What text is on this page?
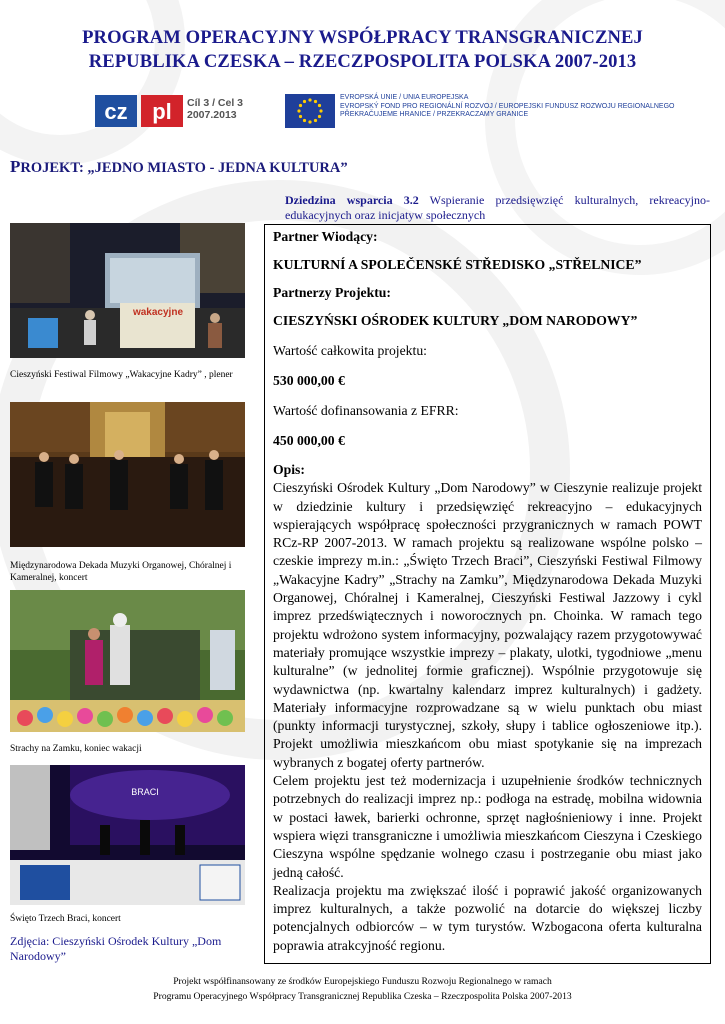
PROGRAM OPERACYJNY WSPÓŁPRACY TRANSGRANICZNEJ
REPUBLIKA CZESKA – RZECZPOSPOLITA POLSKA 2007-2013
cz pl Cíl 3 / Cel 3
2007.2013
EVROPSKÁ UNIE / UNIA EUROPEJSKA
EVROPSKÝ FOND PRO REGIONÁLNÍ ROZVOJ / EUROPEJSKI FUNDUSZ ROZWOJU REGIONALNEGO
PŘEKRAČUJEME HRANICE / PRZEKRACZAMY GRANICE
PROJEKT: „JEDNO MIASTO - JEDNA KULTURA”
Dziedzina wsparcia 3.2 Wspieranie przedsięwzięć kulturalnych, rekreacyjno-edukacyjnych oraz inicjatyw społecznych
wakacyjne
Cieszyński Festiwal Filmowy „Wakacyjne Kadry” , plener
Międzynarodowa Dekada Muzyki Organowej, Chóralnej i Kameralnej, koncert
Strachy na Zamku, koniec wakacji
BRACI
Święto Trzech Braci, koncert
Zdjęcia: Cieszyński Ośrodek Kultury „Dom Narodowy”

Partner Wiodący:

KULTURNÍ A SPOLEČENSKÉ STŘEDISKO „STŘELNICE”

Partnerzy Projektu:

CIESZYŃSKI OŚRODEK KULTURY „DOM NARODOWY”

Wartość całkowita projektu:

530 000,00 €

Wartość dofinansowania z EFRR:

450 000,00 €

Opis:

Cieszyński Ośrodek Kultury „Dom Narodowy” w Cieszynie realizuje projekt w dziedzinie kultury i przedsięwzięć rekreacyjno – edukacyjnych wspierających współpracę społeczności przygranicznych w ramach POWT RCz-RP 2007-2013. W ramach projektu są realizowane wspólne polsko – czeskie imprezy m.in.: „Święto Trzech Braci”, Cieszyński Festiwal Filmowy „Wakacyjne Kadry” „Strachy na Zamku”, Międzynarodowa Dekada Muzyki Organowej, Chóralnej i Kameralnej, Cieszyński Festiwal Jazzowy i cykl imprez przedświątecznych i noworocznych pn. Choinka. W ramach tego projektu wdrożono system informacyjny, pozwalający razem przygotowywać materiały promujące wszystkie imprezy – plakaty, ulotki, tygodniowe „menu kulturalne” (w jednolitej formie graficznej). Wspólnie przygotowuje się wydawnictwa (np. kwartalny kalendarz imprez kulturalnych) i gadżety. Materiały informacyjne rozprowadzane są w wielu punktach obu miast (punkty informacji turystycznej, szkoły, słupy i tablice ogłoszeniowe itp.). Projekt umożliwia mieszkańcom obu miast spotykanie się na imprezach wybranych z bogatej oferty partnerów.

Celem projektu jest też modernizacja i uzupełnienie środków technicznych potrzebnych do realizacji imprez np.: podłoga na estradę, mobilna widownia w postaci ławek, barierki ochronne, sprzęt nagłośnieniowy i inne. Projekt wspiera więzi transgraniczne i umożliwia mieszkańcom Cieszyna i Czeskiego Cieszyna wspólne spędzanie wolnego czasu i postrzeganie obu miast jako jedną całość.

Realizacja projektu ma zwiększać ilość i poprawić jakość organizowanych imprez kulturalnych, a także pozwolić na dotarcie do większej liczby potencjalnych odbiorców – w tym turystów. Wzbogacona oferta kulturalna poprawia atrakcyjność regionu.

Projekt współfinansowany ze środków Europejskiego Funduszu Rozwoju Regionalnego w ramach
Programu Operacyjnego Współpracy Transgranicznej Republika Czeska – Rzeczpospolita Polska 2007-2013
